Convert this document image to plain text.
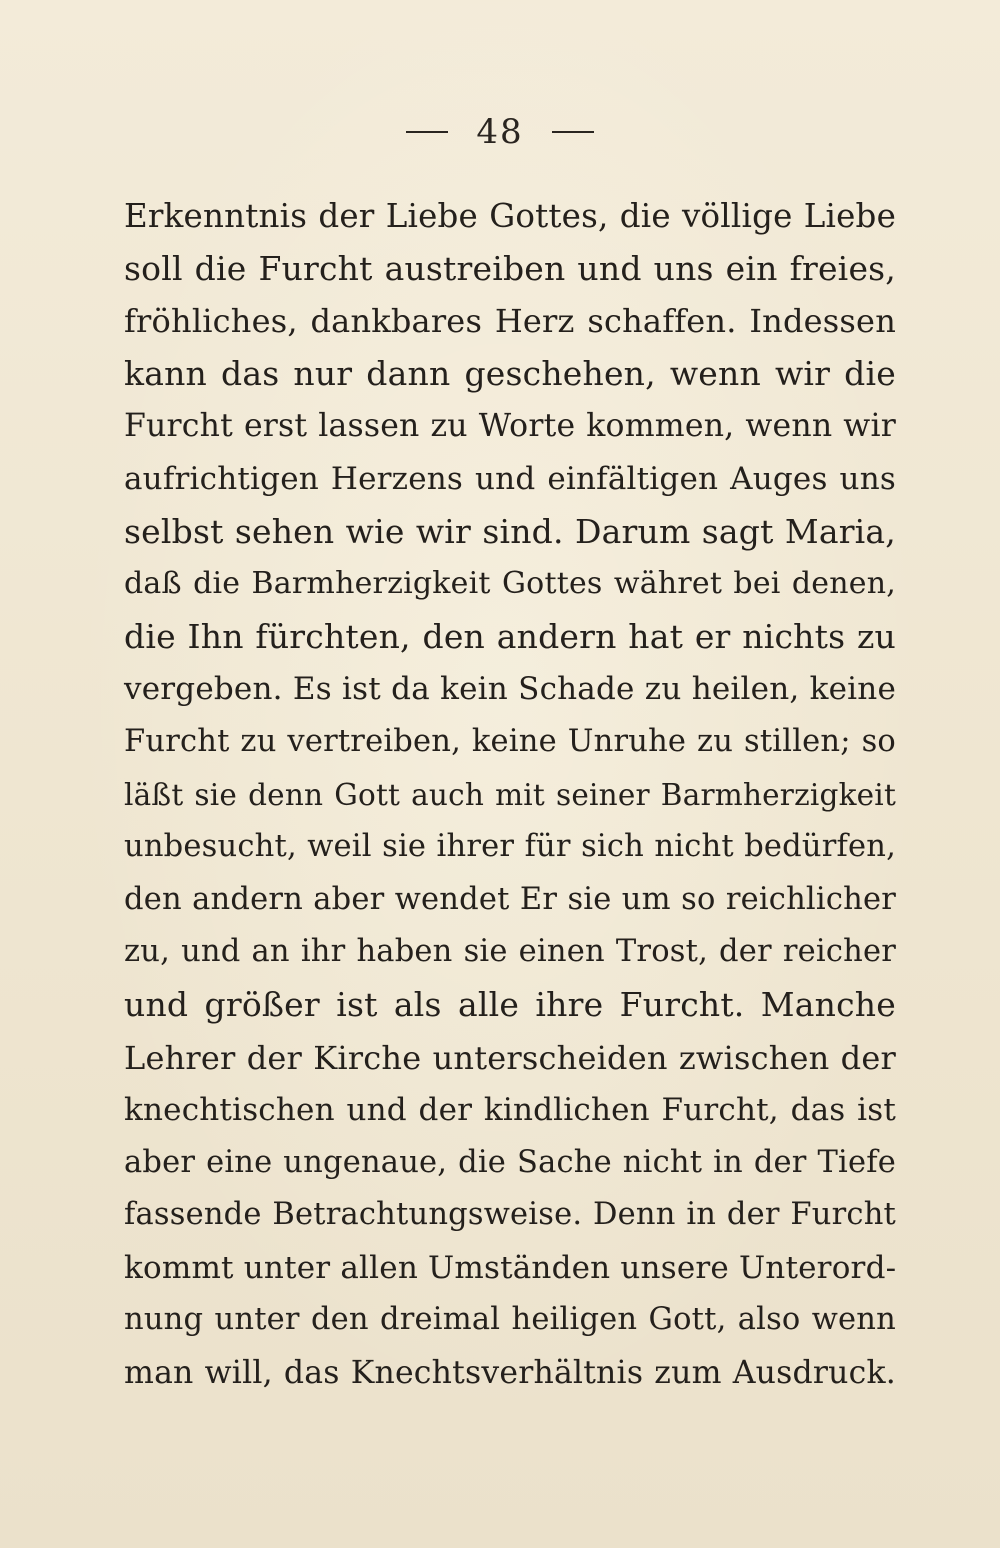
48
Erkenntnis der Liebe Gottes, die völlige Liebe
soll die Furcht austreiben und uns ein freies,
fröhliches, dankbares Herz schaffen. Indessen
kann das nur dann geschehen, wenn wir die
Furcht erst lassen zu Worte kommen, wenn wir
aufrichtigen Herzens und einfältigen Auges uns
selbst sehen wie wir sind. Darum sagt Maria,
daß die Barmherzigkeit Gottes währet bei denen,
die Ihn fürchten, den andern hat er nichts zu
vergeben. Es ist da kein Schade zu heilen, keine
Furcht zu vertreiben, keine Unruhe zu stillen; so
läßt sie denn Gott auch mit seiner Barmherzigkeit
unbesucht, weil sie ihrer für sich nicht bedürfen,
den andern aber wendet Er sie um so reichlicher
zu, und an ihr haben sie einen Trost, der reicher
und größer ist als alle ihre Furcht. Manche
Lehrer der Kirche unterscheiden zwischen der
knechtischen und der kindlichen Furcht, das ist
aber eine ungenaue, die Sache nicht in der Tiefe
fassende Betrachtungsweise. Denn in der Furcht
kommt unter allen Umständen unsere Unterord-
nung unter den dreimal heiligen Gott, also wenn
man will, das Knechtsverhältnis zum Ausdruck.
